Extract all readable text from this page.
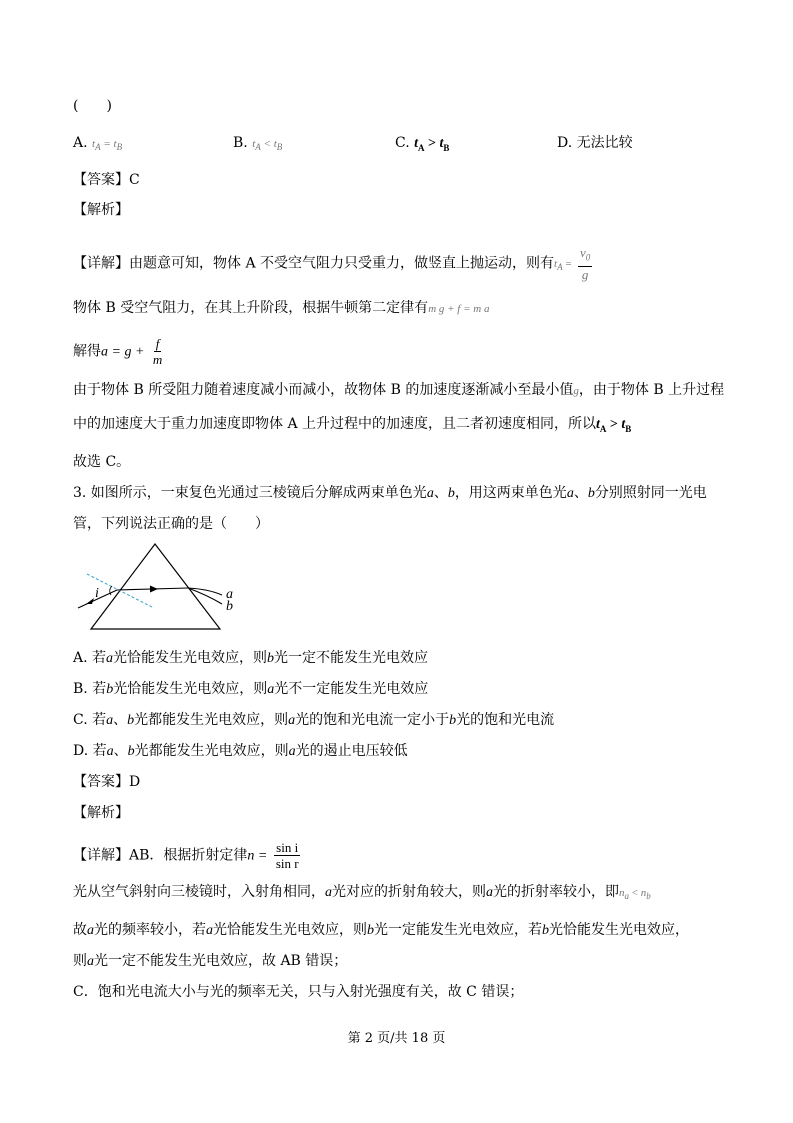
(　　)
A. $t_A = t_B$	B. $t_A < t_B$	C. $t_A > t_B$	D. 无法比较
【答案】C
【解析】
【详解】由题意可知，物体 A 不受空气阻力只受重力，做竖直上抛运动，则有$t_A = \frac{v_0}{g}$
物体 B 受空气阻力，在其上升阶段，根据牛顿第二定律有m g + f = m a
解得$a = g + \frac{f}{m}$
由于物体 B 所受阻力随着速度减小而减小，故物体 B 的加速度逐渐减小至最小值g，由于物体 B 上升过程
中的加速度大于重力加速度即物体 A 上升过程中的加速度，且二者初速度相同，所以$t_A > t_B$
故选 C。
3. 如图所示，一束复色光通过三棱镜后分解成两束单色光a、b，用这两束单色光a、b分别照射同一光电
管，下列说法正确的是（　　）
i	a
b
A. 若a光恰能发生光电效应，则b光一定不能发生光电效应
B. 若b光恰能发生光电效应，则a光不一定能发生光电效应
C. 若a、b光都能发生光电效应，则a光的饱和光电流一定小于b光的饱和光电流
D. 若a、b光都能发生光电效应，则a光的遏止电压较低
【答案】D
【解析】
【详解】AB．根据折射定律$n = \frac{\text{sin i}}{\text{sin r}}$
光从空气斜射向三棱镜时，入射角相同，a光对应的折射角较大，则a光的折射率较小，即$n_a < n_b$
故a光的频率较小，若a光恰能发生光电效应，则b光一定能发生光电效应，若b光恰能发生光电效应，
则a光一定不能发生光电效应，故 AB 错误；
C．饱和光电流大小与光的频率无关，只与入射光强度有关，故 C 错误；
第 2 页/共 18 页
